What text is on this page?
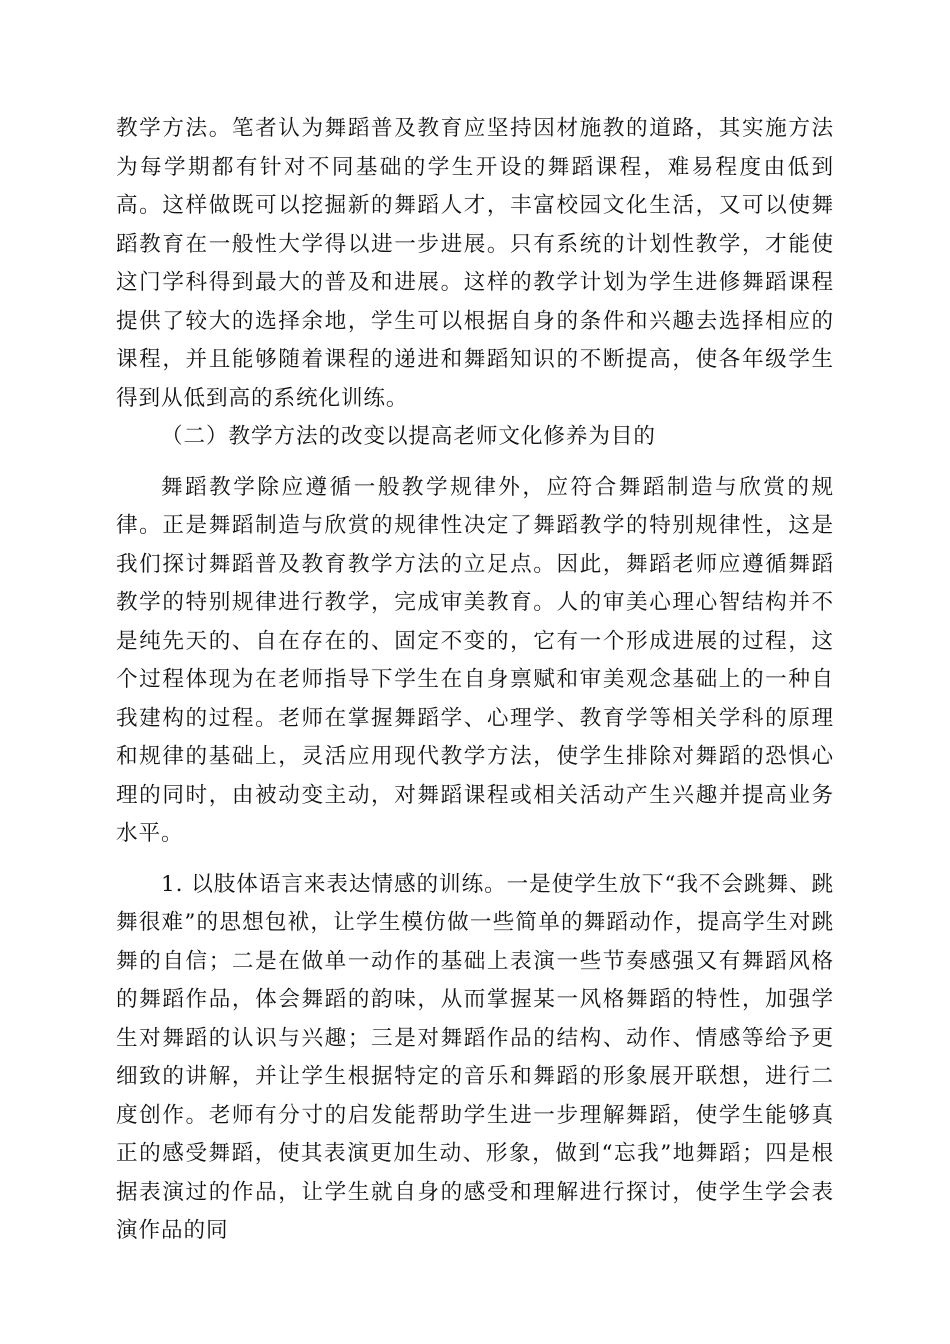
教学方法。笔者认为舞蹈普及教育应坚持因材施教的道路，其实施方法为每学期都有针对不同基础的学生开设的舞蹈课程，难易程度由低到高。这样做既可以挖掘新的舞蹈人才，丰富校园文化生活，又可以使舞蹈教育在一般性大学得以进一步进展。只有系统的计划性教学，才能使这门学科得到最大的普及和进展。这样的教学计划为学生进修舞蹈课程提供了较大的选择余地，学生可以根据自身的条件和兴趣去选择相应的课程，并且能够随着课程的递进和舞蹈知识的不断提高，使各年级学生得到从低到高的系统化训练。

（二）教学方法的改变以提高老师文化修养为目的

舞蹈教学除应遵循一般教学规律外，应符合舞蹈制造与欣赏的规律。正是舞蹈制造与欣赏的规律性决定了舞蹈教学的特别规律性，这是我们探讨舞蹈普及教育教学方法的立足点。因此，舞蹈老师应遵循舞蹈教学的特别规律进行教学，完成审美教育。人的审美心理心智结构并不是纯先天的、自在存在的、固定不变的，它有一个形成进展的过程，这个过程体现为在老师指导下学生在自身禀赋和审美观念基础上的一种自我建构的过程。老师在掌握舞蹈学、心理学、教育学等相关学科的原理和规律的基础上，灵活应用现代教学方法，使学生排除对舞蹈的恐惧心理的同时，由被动变主动，对舞蹈课程或相关活动产生兴趣并提高业务水平。

1. 以肢体语言来表达情感的训练。一是使学生放下“我不会跳舞、跳舞很难”的思想包袱，让学生模仿做一些简单的舞蹈动作，提高学生对跳舞的自信；二是在做单一动作的基础上表演一些节奏感强又有舞蹈风格的舞蹈作品，体会舞蹈的韵味，从而掌握某一风格舞蹈的特性，加强学生对舞蹈的认识与兴趣；三是对舞蹈作品的结构、动作、情感等给予更细致的讲解，并让学生根据特定的音乐和舞蹈的形象展开联想，进行二度创作。老师有分寸的启发能帮助学生进一步理解舞蹈，使学生能够真正的感受舞蹈，使其表演更加生动、形象，做到“忘我”地舞蹈；四是根据表演过的作品，让学生就自身的感受和理解进行探讨，使学生学会表演作品的同
